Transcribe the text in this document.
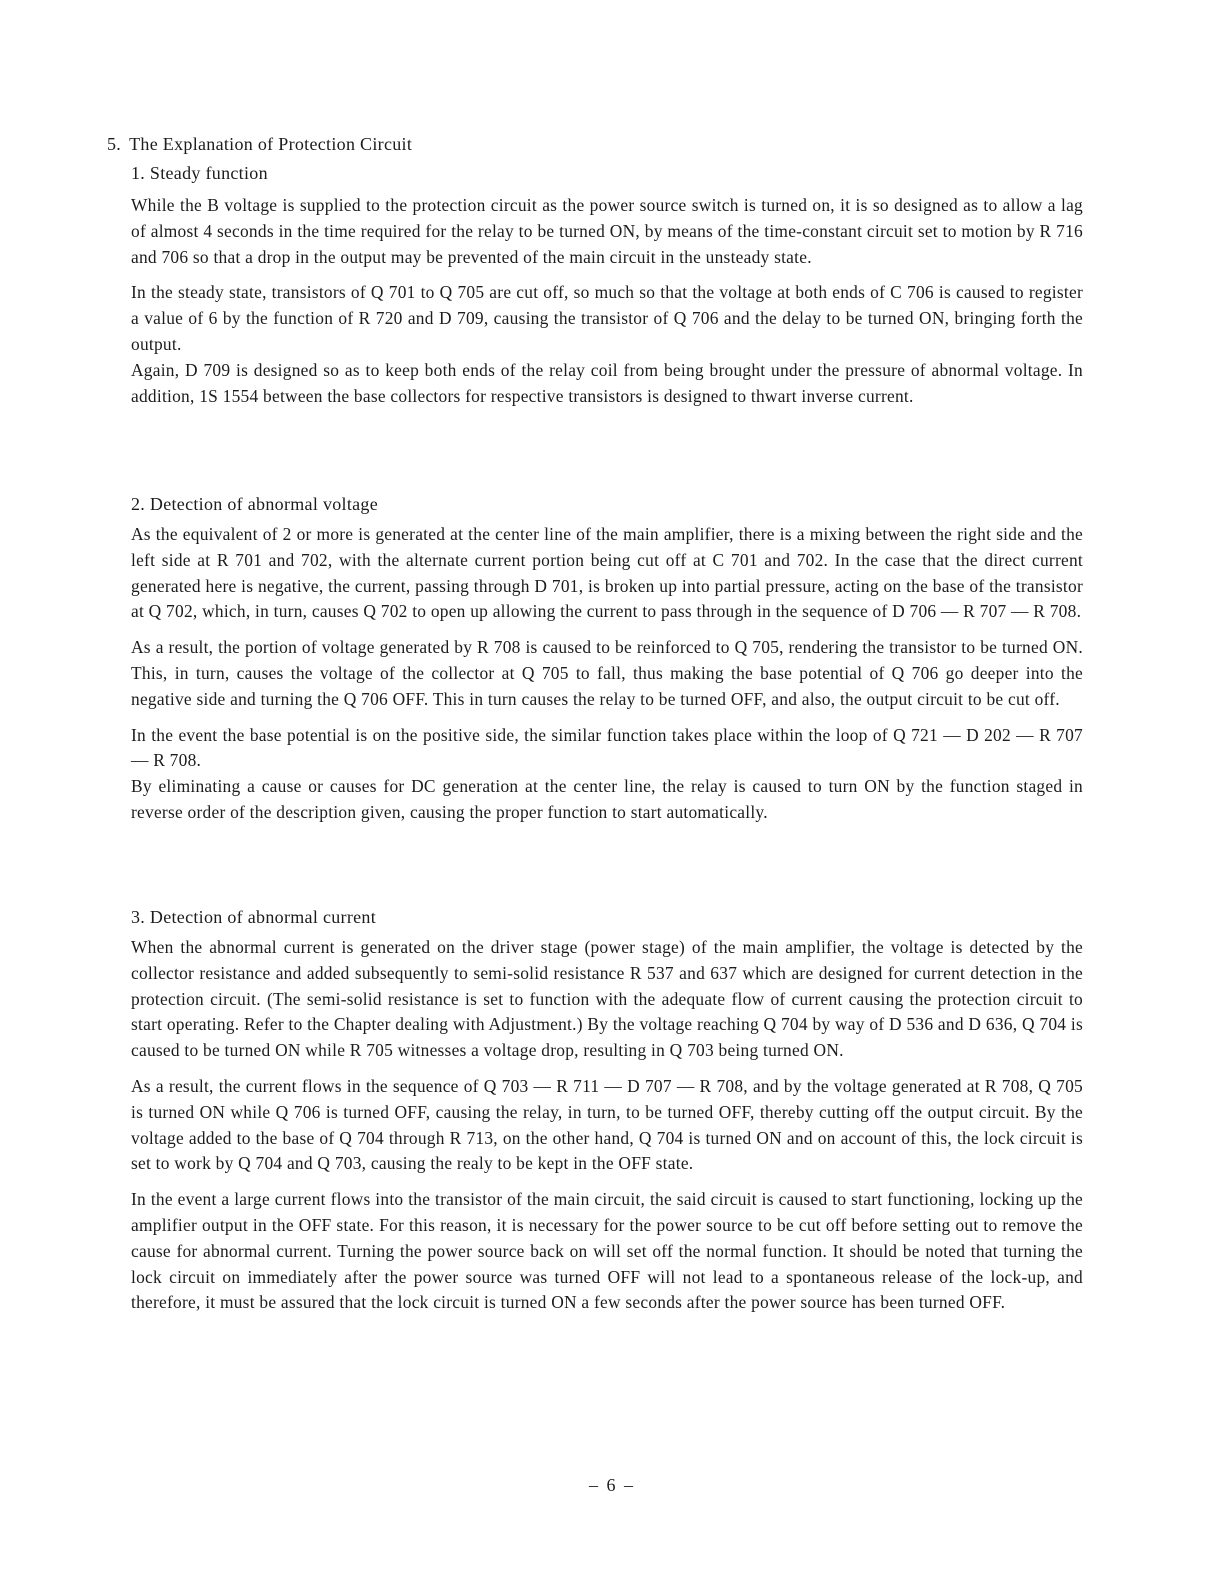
5. The Explanation of Protection Circuit

1. Steady function

While the B voltage is supplied to the protection circuit as the power source switch is turned on, it is so designed as to allow a lag of almost 4 seconds in the time required for the relay to be turned ON, by means of the time-constant circuit set to motion by R 716 and 706 so that a drop in the output may be prevented of the main circuit in the unsteady state.

In the steady state, transistors of Q 701 to Q 705 are cut off, so much so that the voltage at both ends of C 706 is caused to register a value of 6 by the function of R 720 and D 709, causing the transistor of Q 706 and the delay to be turned ON, bringing forth the output.

Again, D 709 is designed so as to keep both ends of the relay coil from being brought under the pressure of abnormal voltage. In addition, 1S 1554 between the base collectors for respective transistors is designed to thwart inverse current.

2. Detection of abnormal voltage

As the equivalent of 2 or more is generated at the center line of the main amplifier, there is a mixing between the right side and the left side at R 701 and 702, with the alternate current portion being cut off at C 701 and 702. In the case that the direct current generated here is negative, the current, passing through D 701, is broken up into partial pressure, acting on the base of the transistor at Q 702, which, in turn, causes Q 702 to open up allowing the current to pass through in the sequence of D 706 — R 707 — R 708.

As a result, the portion of voltage generated by R 708 is caused to be reinforced to Q 705, rendering the transistor to be turned ON. This, in turn, causes the voltage of the collector at Q 705 to fall, thus making the base potential of Q 706 go deeper into the negative side and turning the Q 706 OFF. This in turn causes the relay to be turned OFF, and also, the output circuit to be cut off.

In the event the base potential is on the positive side, the similar function takes place within the loop of Q 721 — D 202 — R 707 — R 708.

By eliminating a cause or causes for DC generation at the center line, the relay is caused to turn ON by the function staged in reverse order of the description given, causing the proper function to start automatically.

3. Detection of abnormal current

When the abnormal current is generated on the driver stage (power stage) of the main amplifier, the voltage is detected by the collector resistance and added subsequently to semi-solid resistance R 537 and 637 which are designed for current detection in the protection circuit. (The semi-solid resistance is set to function with the adequate flow of current causing the protection circuit to start operating. Refer to the Chapter dealing with Adjustment.) By the voltage reaching Q 704 by way of D 536 and D 636, Q 704 is caused to be turned ON while R 705 witnesses a voltage drop, resulting in Q 703 being turned ON.

As a result, the current flows in the sequence of Q 703 — R 711 — D 707 — R 708, and by the voltage generated at R 708, Q 705 is turned ON while Q 706 is turned OFF, causing the relay, in turn, to be turned OFF, thereby cutting off the output circuit. By the voltage added to the base of Q 704 through R 713, on the other hand, Q 704 is turned ON and on account of this, the lock circuit is set to work by Q 704 and Q 703, causing the realy to be kept in the OFF state.

In the event a large current flows into the transistor of the main circuit, the said circuit is caused to start functioning, locking up the amplifier output in the OFF state. For this reason, it is necessary for the power source to be cut off before setting out to remove the cause for abnormal current. Turning the power source back on will set off the normal function. It should be noted that turning the lock circuit on immediately after the power source was turned OFF will not lead to a spontaneous release of the lock-up, and therefore, it must be assured that the lock circuit is turned ON a few seconds after the power source has been turned OFF.

– 6 –
